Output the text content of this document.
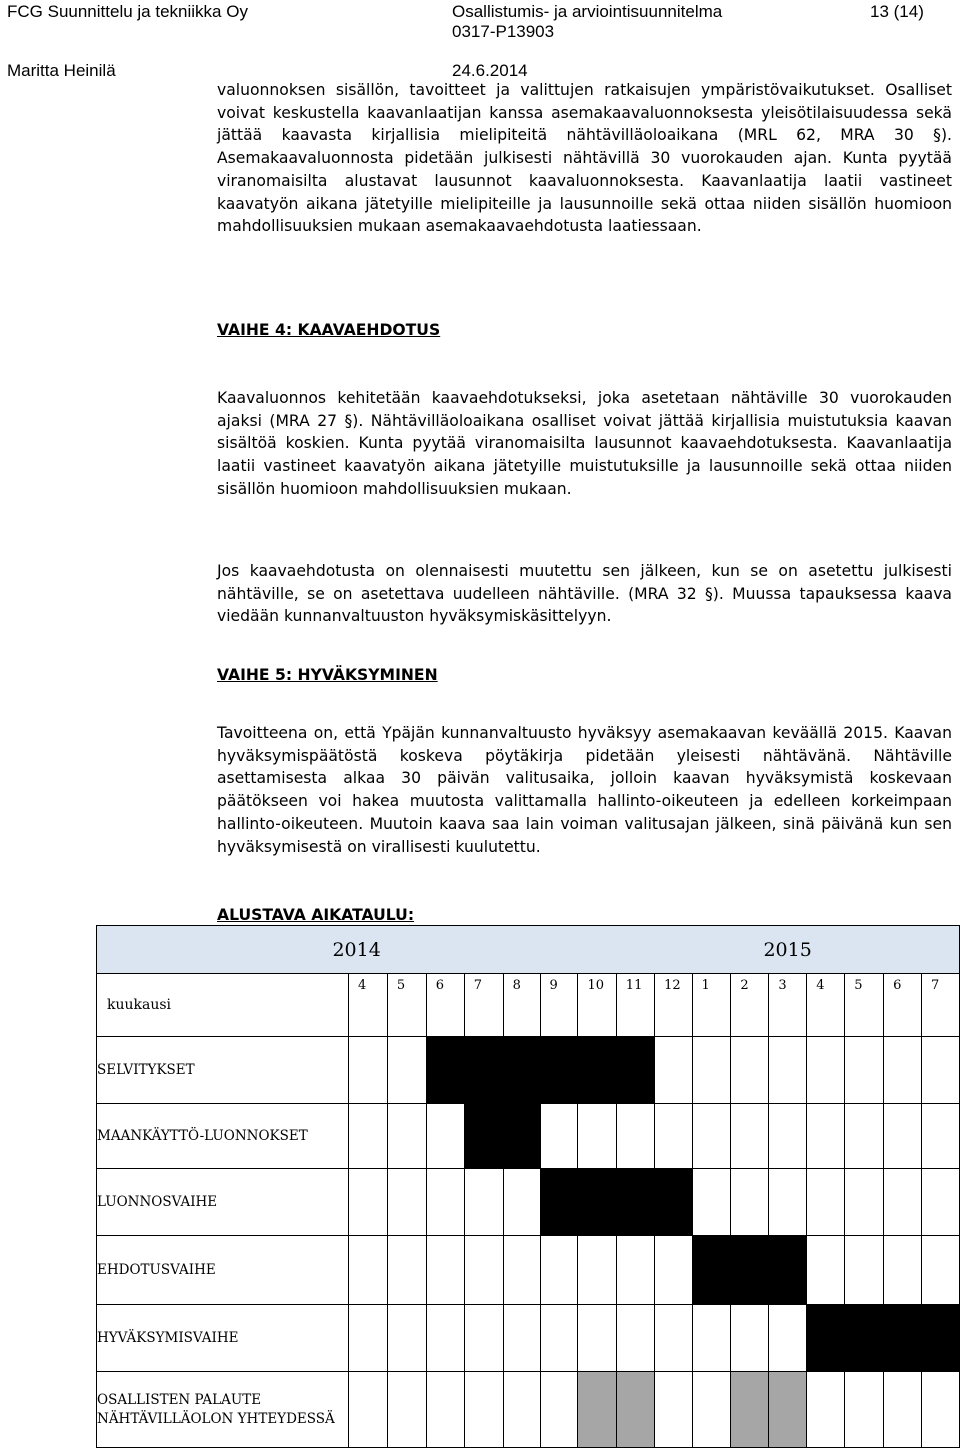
FCG Suunnittelu ja tekniikka Oy	Osallistumis- ja arviointisuunnitelma
0317-P13903
13 (14)
Maritta Heinilä	24.6.2014

valuonnoksen sisällön, tavoitteet ja valittujen ratkaisujen ympäristövaikutukset. Osalliset voivat keskustella kaavanlaatijan kanssa asemakaavaluonnoksesta yleisötilaisuudessa sekä jättää kaavasta kirjallisia mielipiteitä nähtävilläoloaikana (MRL 62, MRA 30 §). Asemakaavaluonnosta pidetään julkisesti nähtävillä 30 vuorokauden ajan. Kunta pyytää viranomaisilta alustavat lausunnot kaavaluonnoksesta. Kaavanlaatija laatii vastineet kaavatyön aikana jätetyille mielipiteille ja lausunnoille sekä ottaa niiden sisällön huomioon mahdollisuuksien mukaan asemakaavaehdotusta laatiessaan.

VAIHE 4: KAAVAEHDOTUS

Kaavaluonnos kehitetään kaavaehdotukseksi, joka asetetaan nähtäville 30 vuorokauden ajaksi (MRA 27 §). Nähtävilläoloaikana osalliset voivat jättää kirjallisia muistutuksia kaavan sisältöä koskien. Kunta pyytää viranomaisilta lausunnot kaavaehdotuksesta. Kaavanlaatija laatii vastineet kaavatyön aikana jätetyille muistutuksille ja lausunnoille sekä ottaa niiden sisällön huomioon mahdollisuuksien mukaan.

Jos kaavaehdotusta on olennaisesti muutettu sen jälkeen, kun se on asetettu julkisesti nähtäville, se on asetettava uudelleen nähtäville. (MRA 32 §). Muussa tapauksessa kaava viedään kunnanvaltuuston hyväksymiskäsittelyyn.

VAIHE 5: HYVÄKSYMINEN

Tavoitteena on, että Ypäjän kunnanvaltuusto hyväksyy asemakaavan keväällä 2015. Kaavan hyväksymispäätöstä koskeva pöytäkirja pidetään yleisesti nähtävänä. Nähtäville asettamisesta alkaa 30 päivän valitusaika, jolloin kaavan hyväksymistä koskevaan päätökseen voi hakea muutosta valittamalla hallinto-oikeuteen ja edelleen korkeimpaan hallinto-oikeuteen. Muutoin kaava saa lain voiman valitusajan jälkeen, sinä päivänä kun sen hyväksymisestä on virallisesti kuulutettu.

ALUSTAVA AIKATAULU:
2014								2015								
kuukausi	4	5	6	7	8	9	10	11	12	1	2	3	4	5	6	7
SELVITYKSET																
MAANKÄYTTÖ-LUONNOKSET																
LUONNOSVAIHE																
EHDOTUSVAIHE																
HYVÄKSYMISVAIHE																
OSALLISTEN PALAUTE NÄHTÄVILLÄOLON YHTEYDESSÄ																
